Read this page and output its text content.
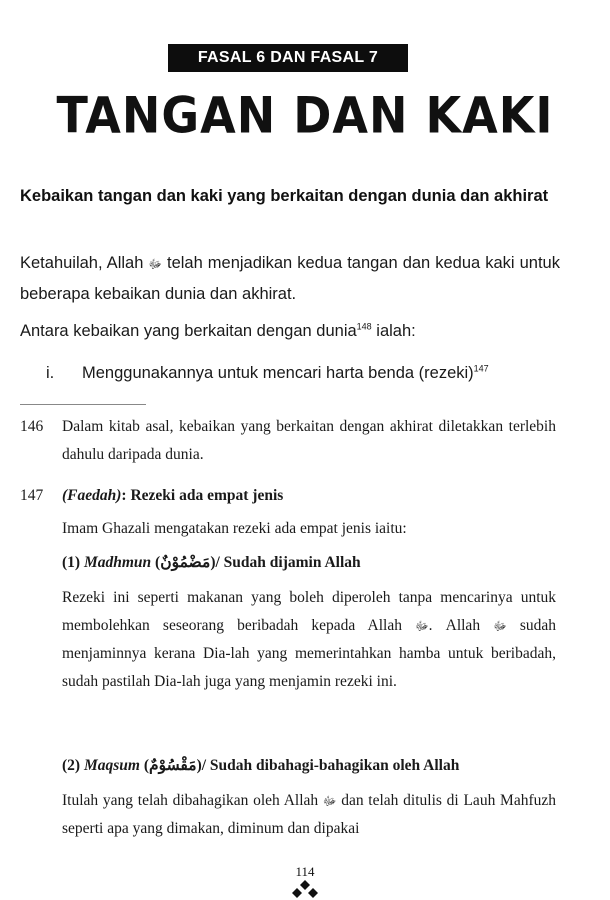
FASAL 6 DAN FASAL 7
TANGAN DAN KAKI
Kebaikan tangan dan kaki yang berkaitan dengan dunia dan akhirat
Ketahuilah, Allah ﷻ telah menjadikan kedua tangan dan kedua kaki untuk beberapa kebaikan dunia dan akhirat.
Antara kebaikan yang berkaitan dengan dunia$^{148}$ ialah:
i. Menggunakannya untuk mencari harta benda (rezeki)$^{147}$
146 Dalam kitab asal, kebaikan yang berkaitan dengan akhirat diletakkan terlebih dahulu daripada dunia.
147 (Faedah): Rezeki ada empat jenis
Imam Ghazali mengatakan rezeki ada empat jenis iaitu:
(1) Madhmun (مَضْمُوْنٌ)/ Sudah dijamin Allah
Rezeki ini seperti makanan yang boleh diperoleh tanpa mencarinya untuk membolehkan seseorang beribadah kepada Allah ﷻ. Allah ﷻ sudah menjaminnya kerana Dia-lah yang memerintahkan hamba untuk beribadah, sudah pastilah Dia-lah juga yang menjamin rezeki ini.
(2) Maqsum (مَقْسُوْمٌ)/ Sudah dibahagi-bahagikan oleh Allah
Itulah yang telah dibahagikan oleh Allah ﷻ dan telah ditulis di Lauh Mahfuzh seperti apa yang dimakan, diminum dan dipakai
114
